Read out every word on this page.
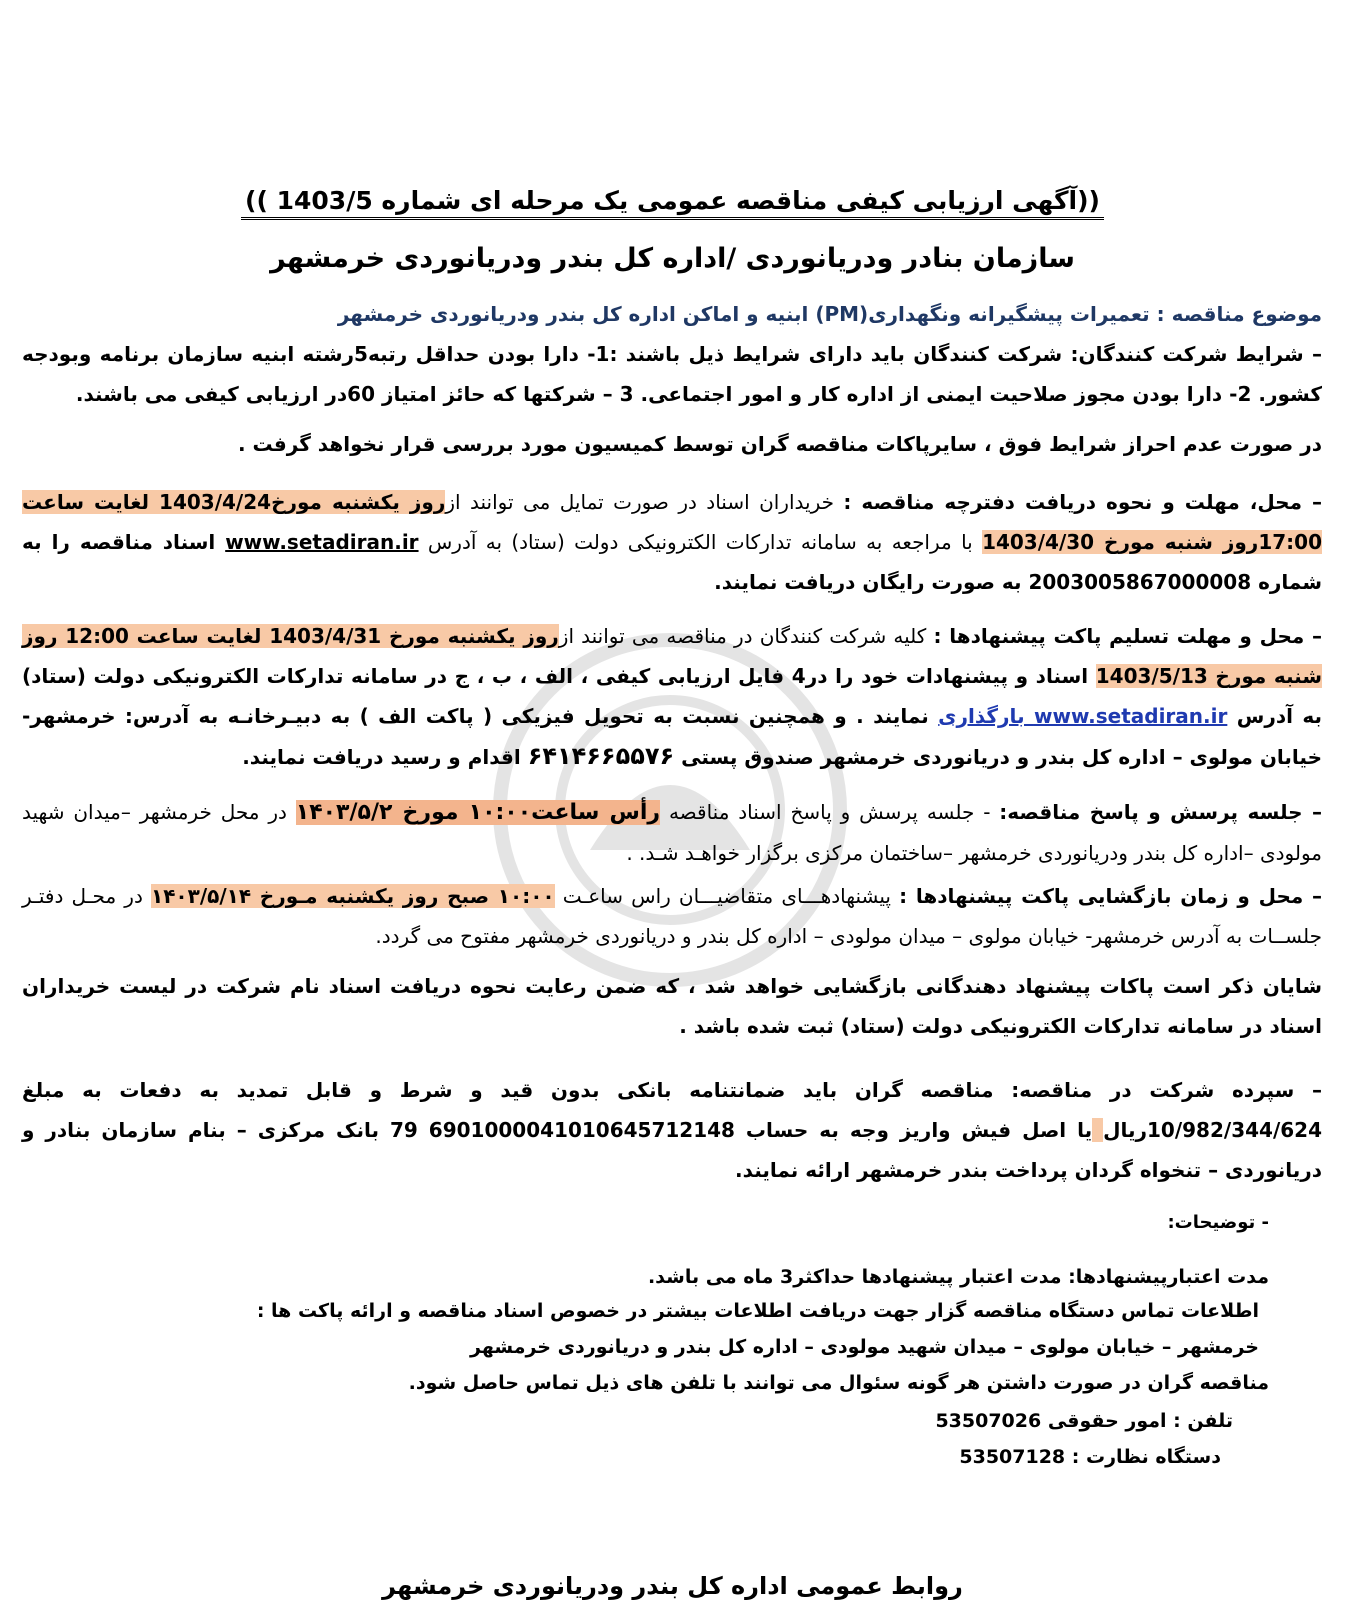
((آگهی ارزیابی کیفی مناقصه عمومی یک مرحله ای شماره 1403/5 ))
سازمان بنادر ودریانوردی /اداره کل بندر ودریانوردی خرمشهر
موضوع مناقصه : تعمیرات پیشگیرانه ونگهداری(PM) ابنیه و اماکن اداره کل بندر ودریانوردی خرمشهر
– شرایط شرکت کنندگان: شرکت کنندگان باید دارای شرایط ذیل باشند :1- دارا بودن حداقل رتبه5رشته ابنیه سازمان برنامه وبودجه کشور. 2- دارا بودن مجوز صلاحیت ایمنی از اداره کار و امور اجتماعی. 3 – شرکتها که حائز امتیاز 60در ارزیابی کیفی می باشند.
در صورت عدم احراز شرایط فوق ، سایرپاکات مناقصه گران توسط کمیسیون مورد بررسی قرار نخواهد گرفت .
– محل، مهلت و نحوه دریافت دفترچه مناقصه : خریداران اسناد در صورت تمایل می توانند ازروز یکشنبه مورخ1403/4/24 لغایت ساعت 17:00روز شنبه مورخ 1403/4/30 با مراجعه به سامانه تدارکات الکترونیکی دولت (ستاد) به آدرس www.setadiran.ir اسناد مناقصه را به شماره 2003005867000008 به صورت رایگان دریافت نمایند.
– محل و مهلت تسلیم پاکت پیشنهادها : کلیه شرکت کنندگان در مناقصه می توانند ازروز یکشنبه مورخ 1403/4/31 لغایت ساعت 12:00 روز شنبه مورخ 1403/5/13 اسناد و پیشنهادات خود را در4 فایل ارزیابی کیفی ، الف ، ب ، ج در سامانه تدارکات الکترونیکی دولت (ستاد) به آدرس www.setadiran.ir بارگذاری نمایند . و همچنین نسبت به تحویل فیزیکی ( پاکت الف ) به دبیـرخانـه به آدرس: خرمشهر- خیابان مولوی – اداره کل بندر و دریانوردی خرمشهر صندوق پستی ۶۴۱۴۶۶۵۵۷۶ اقدام و رسید دریافت نمایند.
– جلسه پرسش و پاسخ مناقصه: - جلسه پرسش و پاسخ اسناد مناقصه رأس ساعت۱۰:۰۰ مورخ ۱۴۰۳/۵/۲ در محل خرمشهر –میدان شهید مولودی –اداره کل بندر ودریانوردی خرمشهر –ساختمان مرکزی برگزار خواهـد شـد. .
– محل و زمان بازگشایی پاکت پیشنهادها : پیشنهادهـــای متقاضیـــان راس ساعـت ۱۰:۰۰ صبح روز یکشنبه مـورخ ۱۴۰۳/۵/۱۴ در محـل دفتـر جلســات به آدرس خرمشهر- خیابان مولوی – میدان مولودی – اداره کل بندر و دریانوردی خرمشهر مفتوح می گردد.
شایان ذکر است پاکات پیشنهاد دهندگانی بازگشایی خواهد شد ، که ضمن رعایت نحوه دریافت اسناد نام شرکت در لیست خریداران اسناد در سامانه تدارکات الکترونیکی دولت (ستاد) ثبت شده باشد .
– سپرده شرکت در مناقصه: مناقصه گران باید ضمانتنامه بانکی بدون قید و شرط و قابل تمدید به دفعات به مبلغ 10/982/344/624ریال یا اصل فیش واریز وجه به حساب 6901000041010645712148 79 بانک مرکزی – بنام سازمان بنادر و دریانوردی – تنخواه گردان پرداخت بندر خرمشهر ارائه نمایند.
- توضیحات:
مدت اعتبارپیشنهادها: مدت اعتبار پیشنهادها حداکثر3 ماه می باشد.
اطلاعات تماس دستگاه مناقصه گزار جهت دریافت اطلاعات بیشتر در خصوص اسناد مناقصه و ارائه پاکت ها :
خرمشهر – خیابان مولوی – میدان شهید مولودی – اداره کل بندر و دریانوردی خرمشهر
مناقصه گران در صورت داشتن هر گونه سئوال می توانند با تلفن های ذیل تماس حاصل شود.
تلفن : امور حقوقی 53507026
دستگاه نظارت : 53507128
روابط عمومی اداره کل بندر ودریانوردی خرمشهر
